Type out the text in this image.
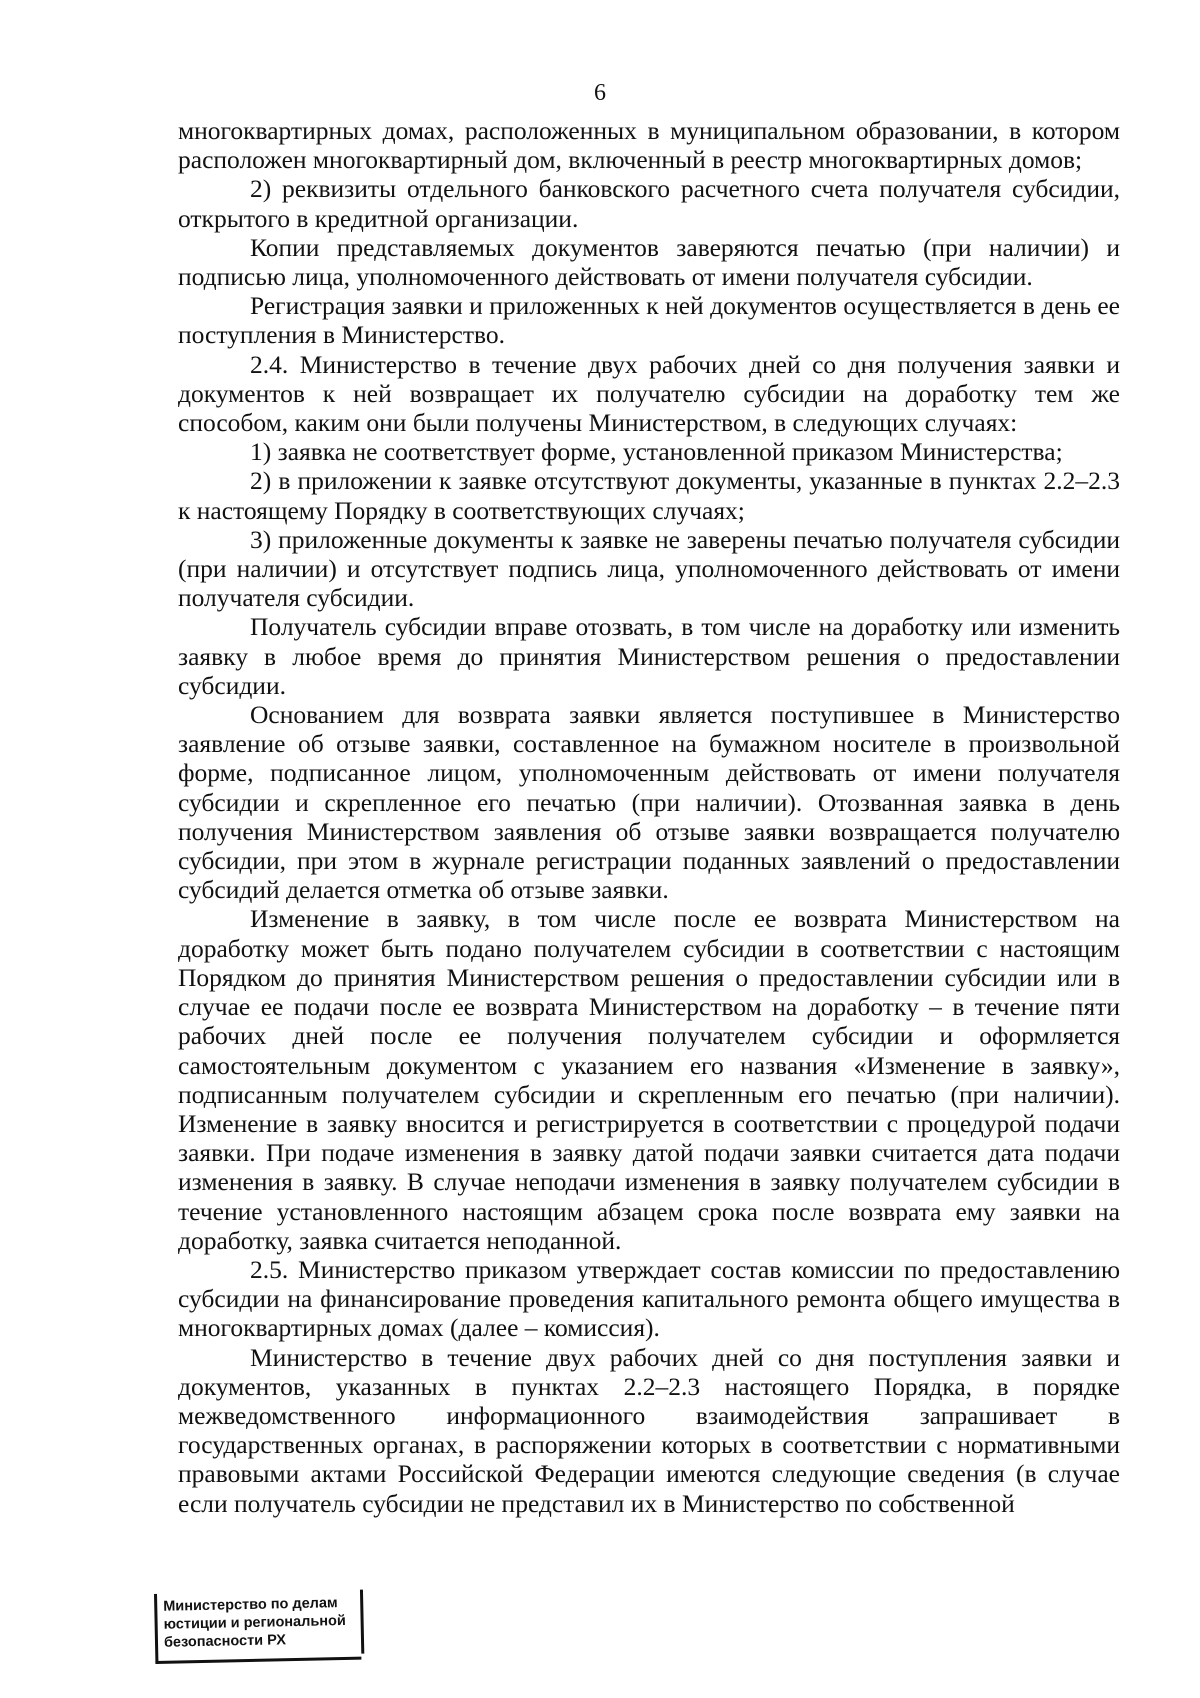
6

многоквартирных домах, расположенных в муниципальном образовании, в котором расположен многоквартирный дом, включенный в реестр многоквартирных домов;

2) реквизиты отдельного банковского расчетного счета получателя субсидии, открытого в кредитной организации.

Копии представляемых документов заверяются печатью (при наличии) и подписью лица, уполномоченного действовать от имени получателя субсидии.

Регистрация заявки и приложенных к ней документов осуществляется в день ее поступления в Министерство.

2.4. Министерство в течение двух рабочих дней со дня получения заявки и документов к ней возвращает их получателю субсидии на доработку тем же способом, каким они были получены Министерством, в следующих случаях:

1) заявка не соответствует форме, установленной приказом Министерства;

2) в приложении к заявке отсутствуют документы, указанные в пунктах 2.2–2.3 к настоящему Порядку в соответствующих случаях;

3) приложенные документы к заявке не заверены печатью получателя субсидии (при наличии) и отсутствует подпись лица, уполномоченного действовать от имени получателя субсидии.

Получатель субсидии вправе отозвать, в том числе на доработку или изменить заявку в любое время до принятия Министерством решения о предоставлении субсидии.

Основанием для возврата заявки является поступившее в Министерство заявление об отзыве заявки, составленное на бумажном носителе в произвольной форме, подписанное лицом, уполномоченным действовать от имени получателя субсидии и скрепленное его печатью (при наличии). Отозванная заявка в день получения Министерством заявления об отзыве заявки возвращается получателю субсидии, при этом в журнале регистрации поданных заявлений о предоставлении субсидий делается отметка об отзыве заявки.

Изменение в заявку, в том числе после ее возврата Министерством на доработку может быть подано получателем субсидии в соответствии с настоящим Порядком до принятия Министерством решения о предоставлении субсидии или в случае ее подачи после ее возврата Министерством на доработку – в течение пяти рабочих дней после ее получения получателем субсидии и оформляется самостоятельным документом с указанием его названия «Изменение в заявку», подписанным получателем субсидии и скрепленным его печатью (при наличии). Изменение в заявку вносится и регистрируется в соответствии с процедурой подачи заявки. При подаче изменения в заявку датой подачи заявки считается дата подачи изменения в заявку. В случае неподачи изменения в заявку получателем субсидии в течение установленного настоящим абзацем срока после возврата ему заявки на доработку, заявка считается неподанной.

2.5. Министерство приказом утверждает состав комиссии по предоставлению субсидии на финансирование проведения капитального ремонта общего имущества в многоквартирных домах (далее – комиссия).

Министерство в течение двух рабочих дней со дня поступления заявки и документов, указанных в пунктах 2.2–2.3 настоящего Порядка, в порядке межведомственного информационного взаимодействия запрашивает в государственных органах, в распоряжении которых в соответствии с нормативными правовыми актами Российской Федерации имеются следующие сведения (в случае если получатель субсидии не представил их в Министерство по собственной

Министерство по делам
юстиции и региональной
безопасности РХ
